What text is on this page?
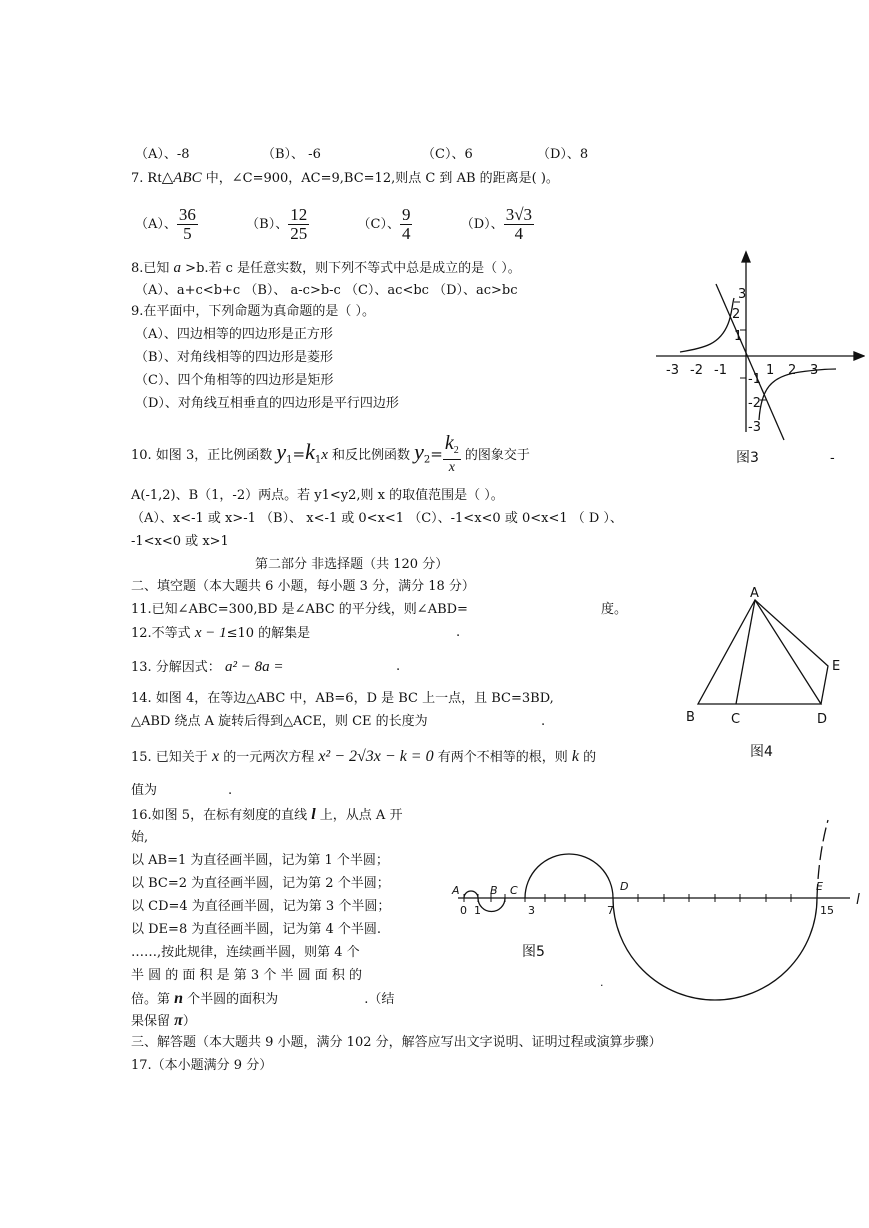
（A）、-8	（B）、 -6	（C）、6	（D）、8
7. Rt△ABC 中，∠C=900，AC=9,BC=12,则点 C 到 AB 的距离是( )。
（A）、 $\frac{36}{5}$	（B）、 $\frac{12}{25}$	（C）、 $\frac{9}{4}$	（D）、 $\frac{3√3}{4}$
8.已知 a >b.若 c 是任意实数，则下列不等式中总是成立的是（ ）。
（A）、a+c<b+c （B）、 a-c>b-c （C）、ac<bc （D）、ac>bc
9.在平面中，下列命题为真命题的是（ ）。
（A）、四边相等的四边形是正方形
（B）、对角线相等的四边形是菱形
（C）、四个角相等的四边形是矩形
（D）、对角线互相垂直的四边形是平行四边形
10. 如图 3，正比例函数 $y_1=k_1x$ 和反比例函数 $y_2= \frac{k_2}{x}$ 的图象交于
A(-1,2)、B（1，-2）两点。若 y1<y2,则 x 的取值范围是（ ）。
（A）、x<-1 或 x>-1 （B）、 x<-1 或 0<x<1 （C）、-1<x<0 或 0<x<1 （ D ）、
-1<x<0 或 x>1
第二部分 非选择题（共 120 分）
二、填空题（本大题共 6 小题，每小题 3 分，满分 18 分）
11.已知∠ABC=300,BD 是∠ABC 的平分线，则∠ABD=	度。
12.不等式 x − 1≤10 的解集是	.
13. 分解因式： a² − 8a =	.
14. 如图 4，在等边△ABC 中，AB=6，D 是 BC 上一点，且 BC=3BD,
△ABD 绕点 A 旋转后得到△ACE，则 CE 的长度为	.
15. 已知关于 x 的一元两次方程 x² − 2√3x − k = 0 有两个不相等的根，则 k 的
值为	.
16.如图 5，在标有刻度的直线 l 上，从点 A 开
始,
以 AB=1 为直径画半圆，记为第 1 个半圆；
以 BC=2 为直径画半圆，记为第 2 个半圆；
以 CD=4 为直径画半圆，记为第 3 个半圆；
以 DE=8 为直径画半圆，记为第 4 个半圆.
……,按此规律，连续画半圆，则第 4 个
半 圆 的 面 积 是 第 3 个 半 圆 面 积 的
倍。第 n 个半圆的面积为	.（结
果保留 π）
三、解答题（本大题共 9 小题，满分 102 分，解答应写出文字说明、证明过程或演算步骤）
17.（本小题满分 9 分）
3
2
1
-1
-2
-3
-3 -2 -1	1 2 3
图3	-
A
B	C	D
E
图4
A	B C	D	E
l
0 1	3	7	15
图5
.
